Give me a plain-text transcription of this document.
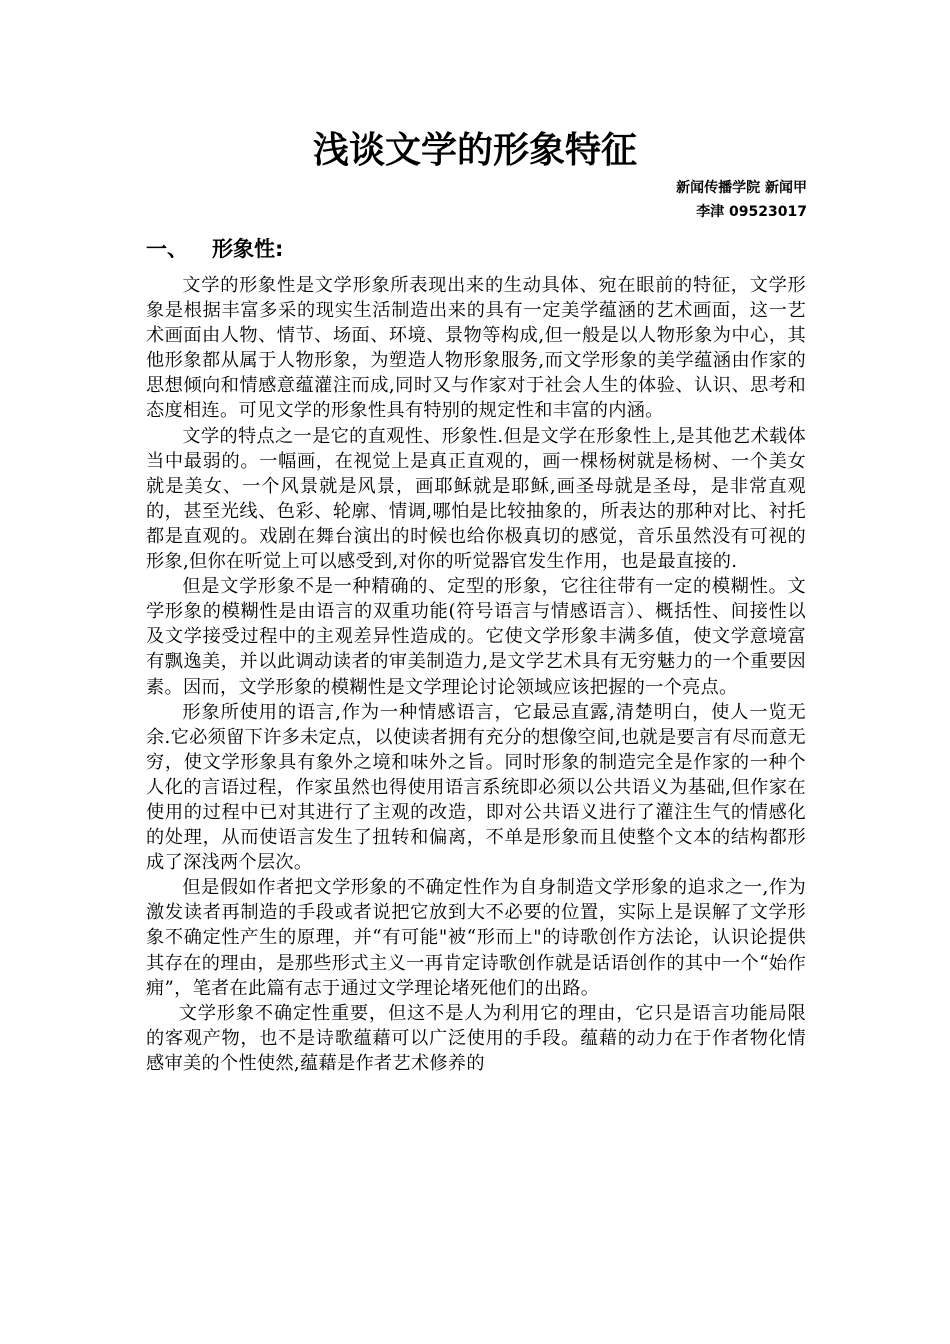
浅谈文学的形象特征

新闻传播学院 新闻甲

李津 09523017

一、 形象性:

文学的形象性是文学形象所表现出来的生动具体、宛在眼前的特征，文学形象是根据丰富多采的现实生活制造出来的具有一定美学蕴涵的艺术画面，这一艺术画面由人物、情节、场面、环境、景物等构成,但一般是以人物形象为中心，其他形象都从属于人物形象，为塑造人物形象服务,而文学形象的美学蕴涵由作家的思想倾向和情感意蕴灌注而成,同时又与作家对于社会人生的体验、认识、思考和态度相连。可见文学的形象性具有特别的规定性和丰富的内涵。

文学的特点之一是它的直观性、形象性.但是文学在形象性上,是其他艺术载体当中最弱的。一幅画，在视觉上是真正直观的，画一棵杨树就是杨树、一个美女就是美女、一个风景就是风景，画耶稣就是耶稣,画圣母就是圣母，是非常直观的，甚至光线、色彩、轮廓、情调,哪怕是比较抽象的，所表达的那种对比、衬托都是直观的。戏剧在舞台演出的时候也给你极真切的感觉，音乐虽然没有可视的形象,但你在听觉上可以感受到,对你的听觉器官发生作用，也是最直接的.

但是文学形象不是一种精确的、定型的形象，它往往带有一定的模糊性。文学形象的模糊性是由语言的双重功能(符号语言与情感语言）、概括性、间接性以及文学接受过程中的主观差异性造成的。它使文学形象丰满多值，使文学意境富有飘逸美，并以此调动读者的审美制造力,是文学艺术具有无穷魅力的一个重要因素。因而，文学形象的模糊性是文学理论讨论领域应该把握的一个亮点。

形象所使用的语言,作为一种情感语言，它最忌直露,清楚明白，使人一览无余.它必须留下许多未定点，以使读者拥有充分的想像空间,也就是要言有尽而意无穷，使文学形象具有象外之境和味外之旨。同时形象的制造完全是作家的一种个人化的言语过程，作家虽然也得使用语言系统即必须以公共语义为基础,但作家在使用的过程中已对其进行了主观的改造，即对公共语义进行了灌注生气的情感化的处理，从而使语言发生了扭转和偏离，不单是形象而且使整个文本的结构都形成了深浅两个层次。

但是假如作者把文学形象的不确定性作为自身制造文学形象的追求之一,作为激发读者再制造的手段或者说把它放到大不必要的位置，实际上是误解了文学形象不确定性产生的原理，并“有可能"被“形而上"的诗歌创作方法论，认识论提供其存在的理由，是那些形式主义一再肯定诗歌创作就是话语创作的其中一个“始作痈”，笔者在此篇有志于通过文学理论堵死他们的出路。

文学形象不确定性重要，但这不是人为利用它的理由，它只是语言功能局限的客观产物，也不是诗歌蕴藉可以广泛使用的手段。蕴藉的动力在于作者物化情感审美的个性使然,蕴藉是作者艺术修养的
